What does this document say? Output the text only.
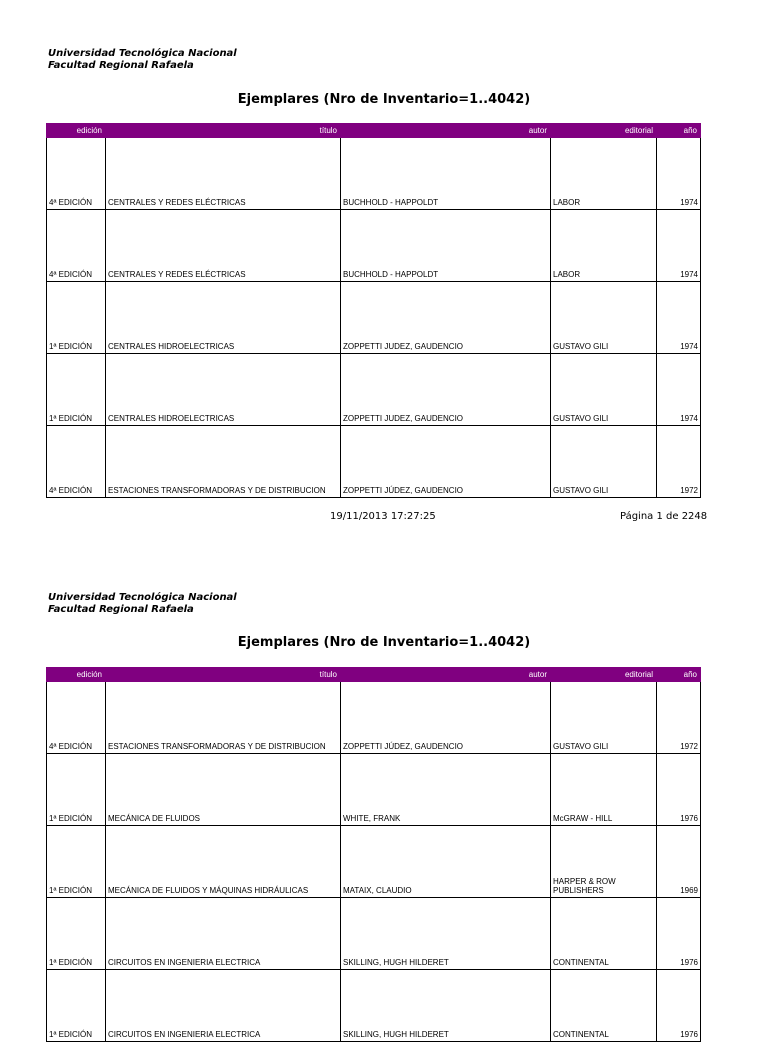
Universidad Tecnológica Nacional
Facultad Regional Rafaela
Ejemplares (Nro de Inventario=1..4042)
edición	título	autor	editorial	año
4ª EDICIÓN	CENTRALES Y REDES ELÉCTRICAS	BUCHHOLD - HAPPOLDT	LABOR	1974
4ª EDICIÓN	CENTRALES Y REDES ELÉCTRICAS	BUCHHOLD - HAPPOLDT	LABOR	1974
1ª EDICIÓN	CENTRALES HIDROELECTRICAS	ZOPPETTI JUDEZ, GAUDENCIO	GUSTAVO GILI	1974
1ª EDICIÓN	CENTRALES HIDROELECTRICAS	ZOPPETTI JUDEZ, GAUDENCIO	GUSTAVO GILI	1974
4ª EDICIÓN	ESTACIONES TRANSFORMADORAS Y DE DISTRIBUCION	ZOPPETTI JÚDEZ, GAUDENCIO	GUSTAVO GILI	1972
19/11/2013 17:27:25	Página 1 de 2248
Universidad Tecnológica Nacional
Facultad Regional Rafaela
Ejemplares (Nro de Inventario=1..4042)
edición	título	autor	editorial	año
4ª EDICIÓN	ESTACIONES TRANSFORMADORAS Y DE DISTRIBUCION	ZOPPETTI JÚDEZ, GAUDENCIO	GUSTAVO GILI	1972
1ª EDICIÓN	MECÁNICA DE FLUIDOS	WHITE, FRANK	McGRAW - HILL	1976
1ª EDICIÓN	MECÁNICA DE FLUIDOS Y MÁQUINAS HIDRÁULICAS	MATAIX, CLAUDIO	HARPER & ROW PUBLISHERS	1969
1ª EDICIÓN	CIRCUITOS EN INGENIERIA ELECTRICA	SKILLING, HUGH HILDERET	CONTINENTAL	1976
1ª EDICIÓN	CIRCUITOS EN INGENIERIA ELECTRICA	SKILLING, HUGH HILDERET	CONTINENTAL	1976
